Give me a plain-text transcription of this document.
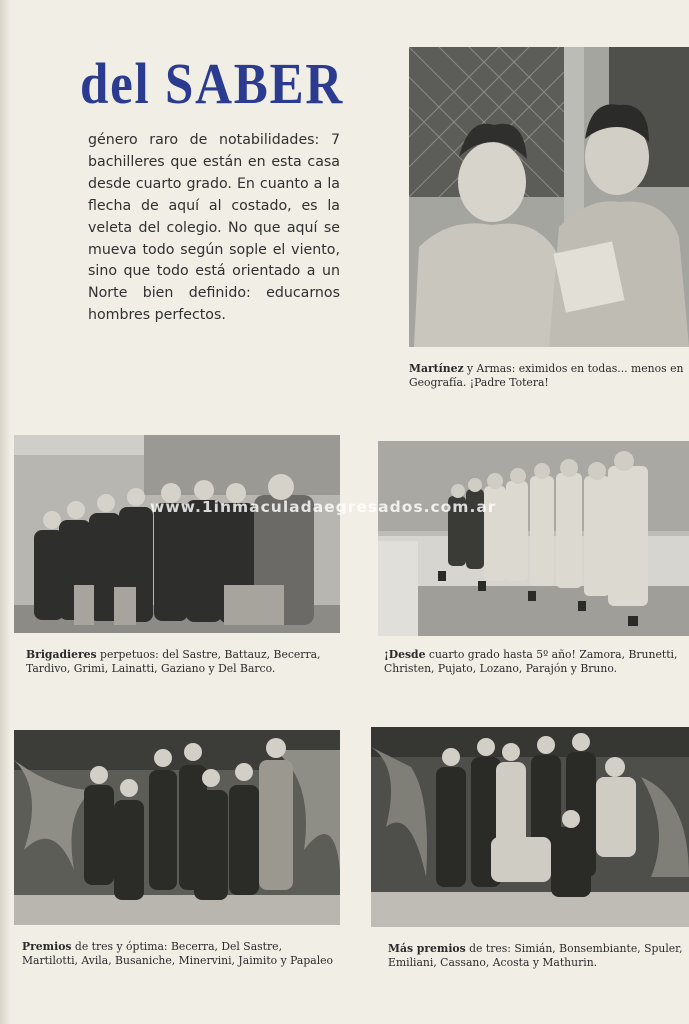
del SABER

género raro de notabilidades: 7 bachilleres que están en esta casa desde cuarto grado. En cuanto a la flecha de aquí al costado, es la veleta del colegio. No que aquí se mueva todo según sople el viento, sino que todo está orientado a un Norte bien definido: educarnos hombres perfectos.

Martínez y Armas: eximidos en todas... menos en Geografía. ¡Padre Totera!
Brigadieres perpetuos: del Sastre, Battauz, Becerra, Tardivo, Grimi, Lainatti, Gaziano y Del Barco.
¡Desde cuarto grado hasta 5º año! Zamora, Brunetti, Christen, Pujato, Lozano, Parajón y Bruno.
Premios de tres y óptima: Becerra, Del Sastre, Martilotti, Avila, Busaniche, Minervini, Jaimito y Papaleo
Más premios de tres: Simián, Bonsembiante, Spuler, Emiliani, Cassano, Acosta y Mathurin.
www.1inmaculadaegresados.com.ar
